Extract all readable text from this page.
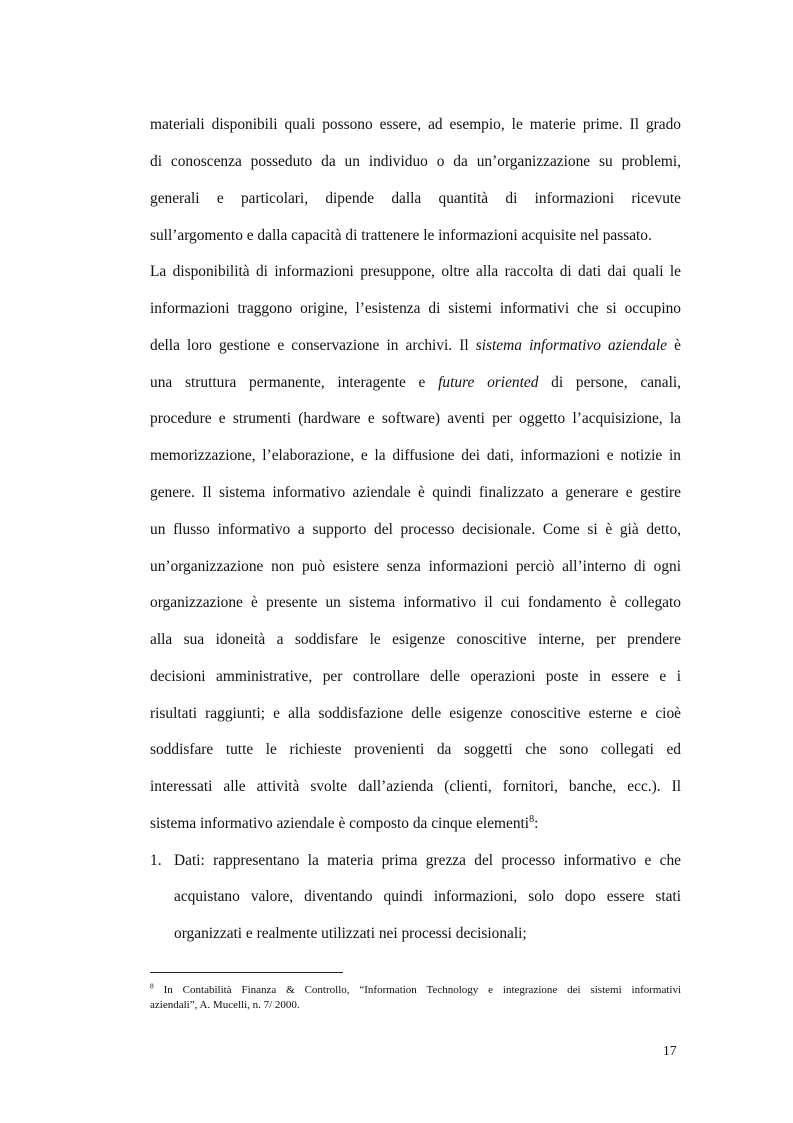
materiali disponibili quali possono essere, ad esempio, le materie prime. Il grado
di conoscenza posseduto da un individuo o da un’organizzazione su problemi,
generali e particolari, dipende dalla quantità di informazioni ricevute
sull’argomento e dalla capacità di trattenere le informazioni acquisite nel passato.
La disponibilità di informazioni presuppone, oltre alla raccolta di dati dai quali le
informazioni traggono origine, l’esistenza di sistemi informativi che si occupino
della loro gestione e conservazione in archivi. Il sistema informativo aziendale è
una struttura permanente, interagente e future oriented di persone, canali,
procedure e strumenti (hardware e software) aventi per oggetto l’acquisizione, la
memorizzazione, l’elaborazione, e la diffusione dei dati, informazioni e notizie in
genere. Il sistema informativo aziendale è quindi finalizzato a generare e gestire
un flusso informativo a supporto del processo decisionale. Come si è già detto,
un’organizzazione non può esistere senza informazioni perciò all’interno di ogni
organizzazione è presente un sistema informativo il cui fondamento è collegato
alla sua idoneità a soddisfare le esigenze conoscitive interne, per prendere
decisioni amministrative, per controllare delle operazioni poste in essere e i
risultati raggiunti; e alla soddisfazione delle esigenze conoscitive esterne e cioè
soddisfare tutte le richieste provenienti da soggetti che sono collegati ed
interessati alle attività svolte dall’azienda (clienti, fornitori, banche, ecc.). Il
sistema informativo aziendale è composto da cinque elementi$^8$:
1. Dati: rappresentano la materia prima grezza del processo informativo e che
acquistano valore, diventando quindi informazioni, solo dopo essere stati
organizzati e realmente utilizzati nei processi decisionali;
$^8$ In Contabilità Finanza & Controllo, “Information Technology e integrazione dei sistemi informativi
aziendali”, A. Mucelli, n. 7/ 2000.
17
